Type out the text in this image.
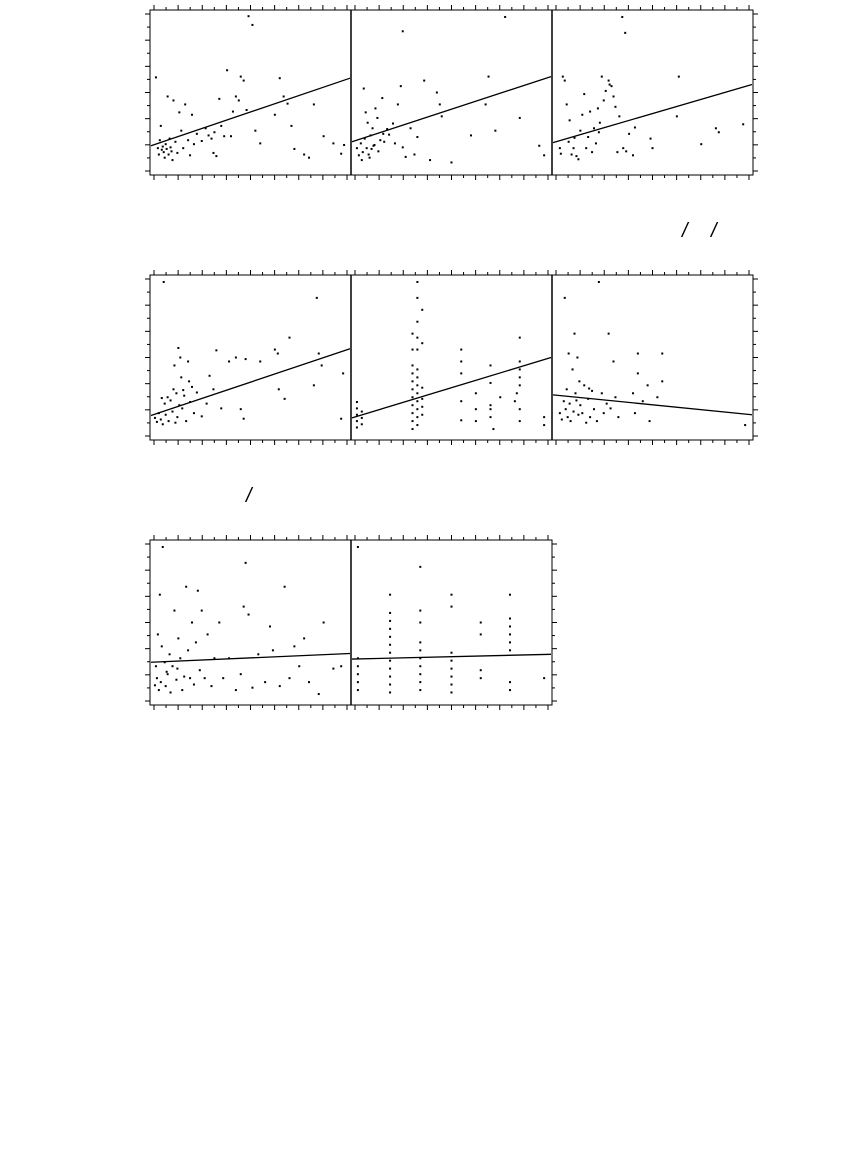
/ /
/
